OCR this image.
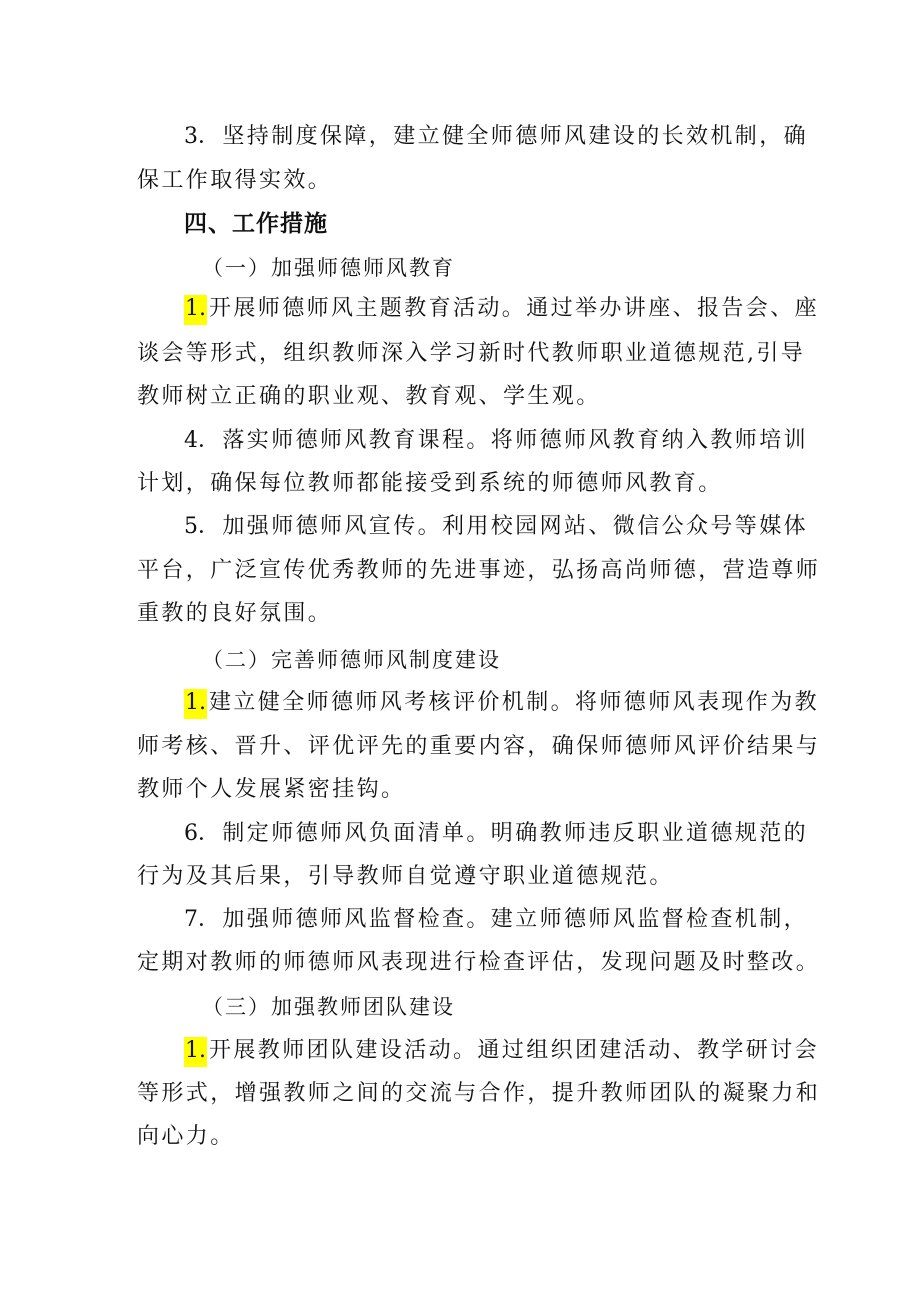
3．坚持制度保障，建立健全师德师风建设的长效机制，确
保工作取得实效。
四、工作措施
（一）加强师德师风教育
1. 开展师德师风主题教育活动。通过举办讲座、报告会、座
谈会等形式，组织教师深入学习新时代教师职业道德规范,引导
教师树立正确的职业观、教育观、学生观。
4．落实师德师风教育课程。将师德师风教育纳入教师培训
计划，确保每位教师都能接受到系统的师德师风教育。
5．加强师德师风宣传。利用校园网站、微信公众号等媒体
平台，广泛宣传优秀教师的先进事迹，弘扬高尚师德，营造尊师
重教的良好氛围。
（二）完善师德师风制度建设
1. 建立健全师德师风考核评价机制。将师德师风表现作为教
师考核、晋升、评优评先的重要内容，确保师德师风评价结果与
教师个人发展紧密挂钩。
6．制定师德师风负面清单。明确教师违反职业道德规范的
行为及其后果，引导教师自觉遵守职业道德规范。
7．加强师德师风监督检查。建立师德师风监督检查机制，
定期对教师的师德师风表现进行检查评估，发现问题及时整改。
（三）加强教师团队建设
1. 开展教师团队建设活动。通过组织团建活动、教学研讨会
等形式，增强教师之间的交流与合作，提升教师团队的凝聚力和
向心力。
